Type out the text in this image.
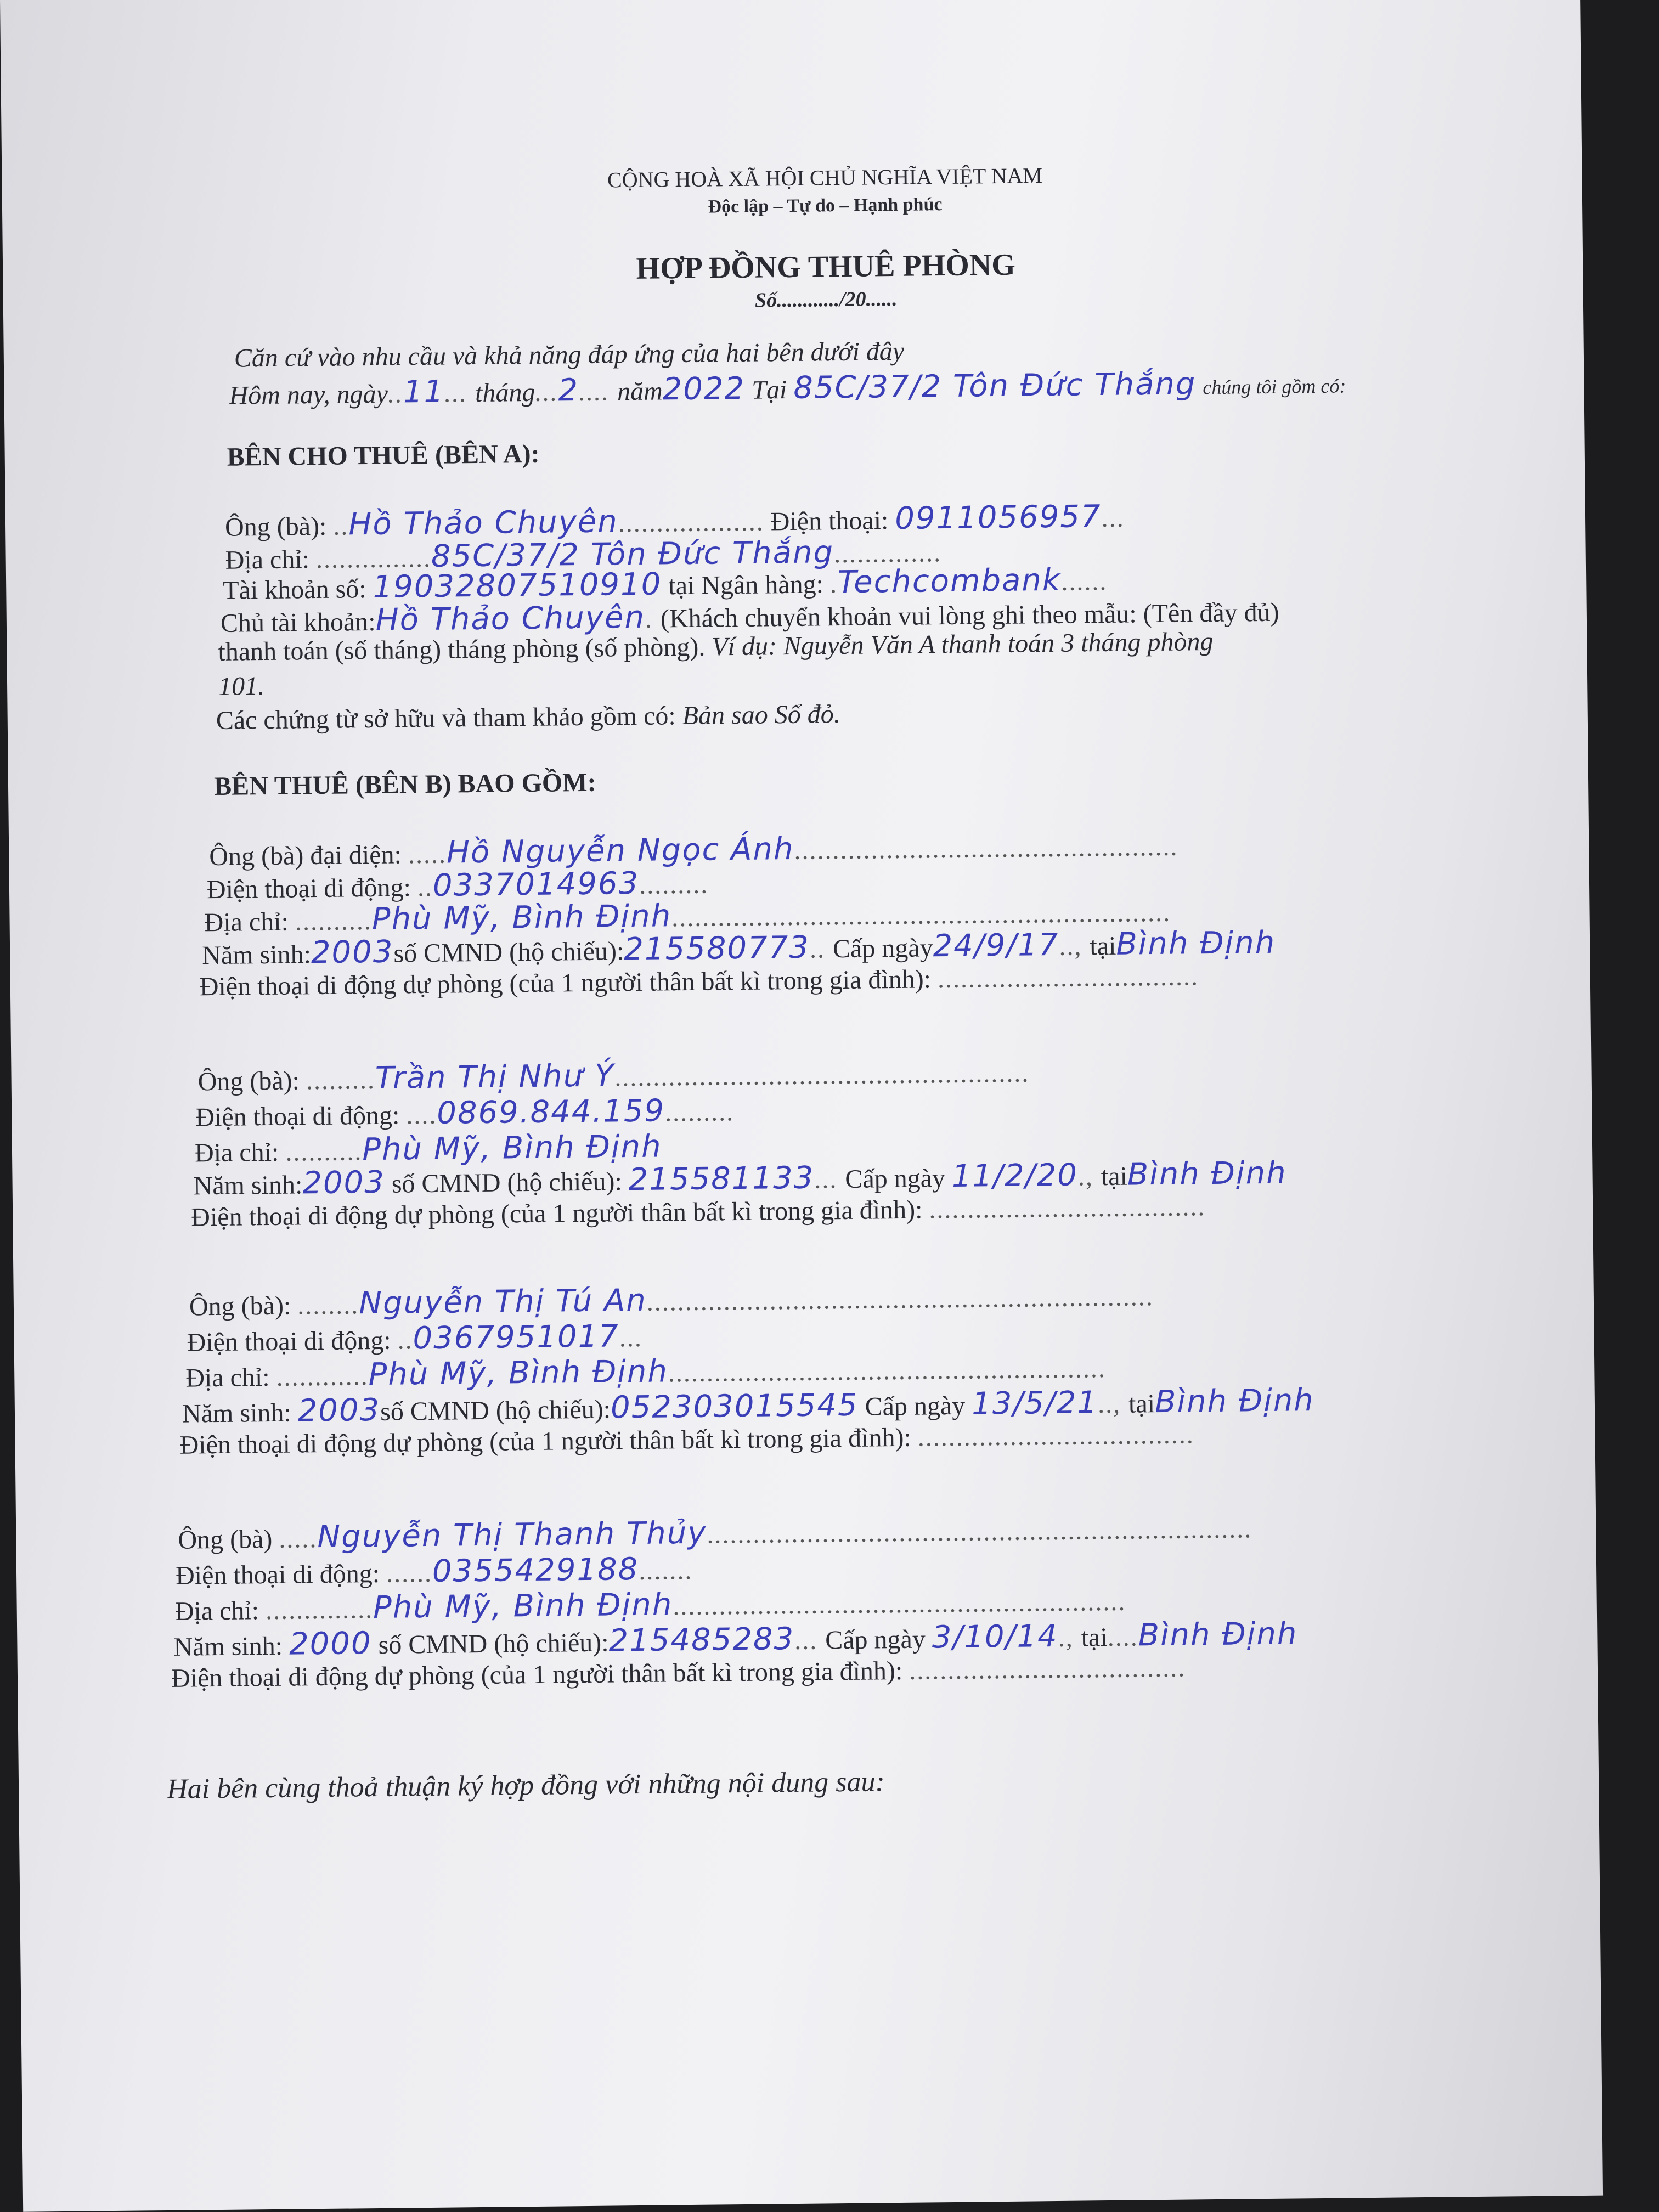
CỘNG HOÀ XÃ HỘI CHỦ NGHĨA VIỆT NAM
Độc lập – Tự do – Hạnh phúc
HỢP ĐỒNG THUÊ PHÒNG
Số............/20......
Căn cứ vào nhu cầu và khả năng đáp ứng của hai bên dưới đây
Hôm nay, ngày..11... tháng...2.... năm2022 Tại 85C/37/2 Tôn Đức Thắng chúng tôi gồm có:
BÊN CHO THUÊ (BÊN A):
Ông (bà): ..Hồ Thảo Chuyên................... Điện thoại: 0911056957...
Địa chỉ: ...............85C/37/2 Tôn Đức Thắng..............
Tài khoản số: 19032807510910 tại Ngân hàng: .Techcombank......
Chủ tài khoản:Hồ Thảo Chuyên. (Khách chuyển khoản vui lòng ghi theo mẫu: (Tên đầy đủ)
thanh toán (số tháng) tháng phòng (số phòng). Ví dụ: Nguyễn Văn A thanh toán 3 tháng phòng
101.
Các chứng từ sở hữu và tham khảo gồm có: Bản sao Sổ đỏ.
BÊN THUÊ (BÊN B) BAO GỒM:
Ông (bà) đại diện: .....Hồ Nguyễn Ngọc Ánh..................................................
Điện thoại di động: ..0337014963.........
Địa chỉ: ..........Phù Mỹ, Bình Định.................................................................
Năm sinh:2003số CMND (hộ chiếu):215580773.. Cấp ngày24/9/17.., tạiBình Định
Điện thoại di động dự phòng (của 1 người thân bất kì trong gia đình): ..................................
Ông (bà): .........Trần Thị Như Ý......................................................
Điện thoại di động: ....0869.844.159.........
Địa chỉ: ..........Phù Mỹ, Bình Định
Năm sinh:2003 số CMND (hộ chiếu): 215581133... Cấp ngày 11/2/20., tạiBình Định
Điện thoại di động dự phòng (của 1 người thân bất kì trong gia đình): ....................................
Ông (bà): ........Nguyễn Thị Tú An..................................................................
Điện thoại di động: ..0367951017...
Địa chỉ: ............Phù Mỹ, Bình Định.........................................................
Năm sinh: 2003số CMND (hộ chiếu):052303015545 Cấp ngày 13/5/21.., tạiBình Định
Điện thoại di động dự phòng (của 1 người thân bất kì trong gia đình): ....................................
Ông (bà) .....Nguyễn Thị Thanh Thủy.......................................................................
Điện thoại di động: ......0355429188.......
Địa chỉ: ..............Phù Mỹ, Bình Định...........................................................
Năm sinh: 2000 số CMND (hộ chiếu):215485283... Cấp ngày 3/10/14., tại....Bình Định
Điện thoại di động dự phòng (của 1 người thân bất kì trong gia đình): ....................................
Hai bên cùng thoả thuận ký hợp đồng với những nội dung sau:
